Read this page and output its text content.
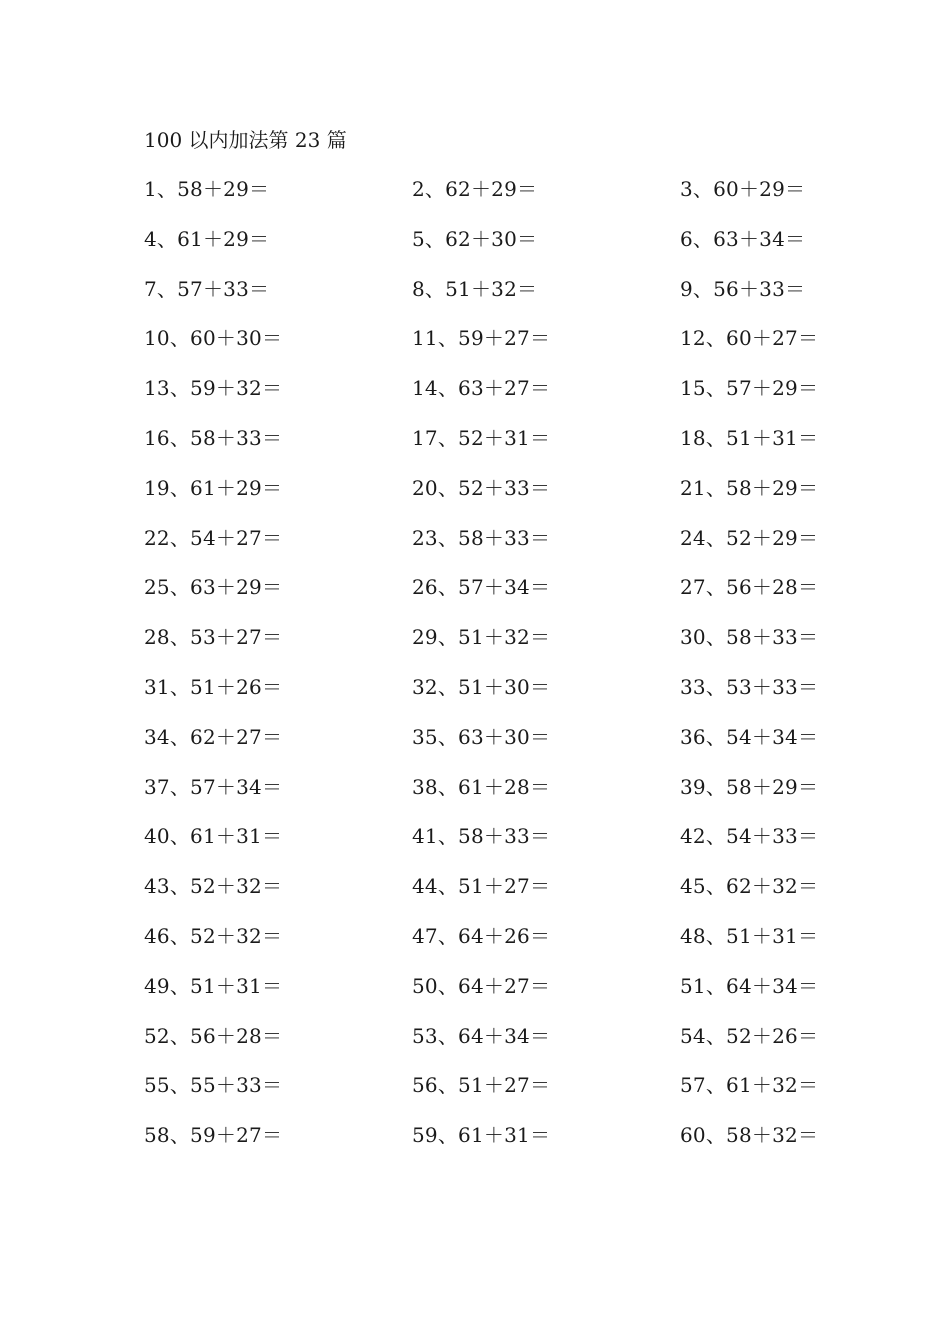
100 以内加法第 23 篇
1、58＋29＝	2、62＋29＝	3、60＋29＝
4、61＋29＝	5、62＋30＝	6、63＋34＝
7、57＋33＝	8、51＋32＝	9、56＋33＝
10、60＋30＝	11、59＋27＝	12、60＋27＝
13、59＋32＝	14、63＋27＝	15、57＋29＝
16、58＋33＝	17、52＋31＝	18、51＋31＝
19、61＋29＝	20、52＋33＝	21、58＋29＝
22、54＋27＝	23、58＋33＝	24、52＋29＝
25、63＋29＝	26、57＋34＝	27、56＋28＝
28、53＋27＝	29、51＋32＝	30、58＋33＝
31、51＋26＝	32、51＋30＝	33、53＋33＝
34、62＋27＝	35、63＋30＝	36、54＋34＝
37、57＋34＝	38、61＋28＝	39、58＋29＝
40、61＋31＝	41、58＋33＝	42、54＋33＝
43、52＋32＝	44、51＋27＝	45、62＋32＝
46、52＋32＝	47、64＋26＝	48、51＋31＝
49、51＋31＝	50、64＋27＝	51、64＋34＝
52、56＋28＝	53、64＋34＝	54、52＋26＝
55、55＋33＝	56、51＋27＝	57、61＋32＝
58、59＋27＝	59、61＋31＝	60、58＋32＝
